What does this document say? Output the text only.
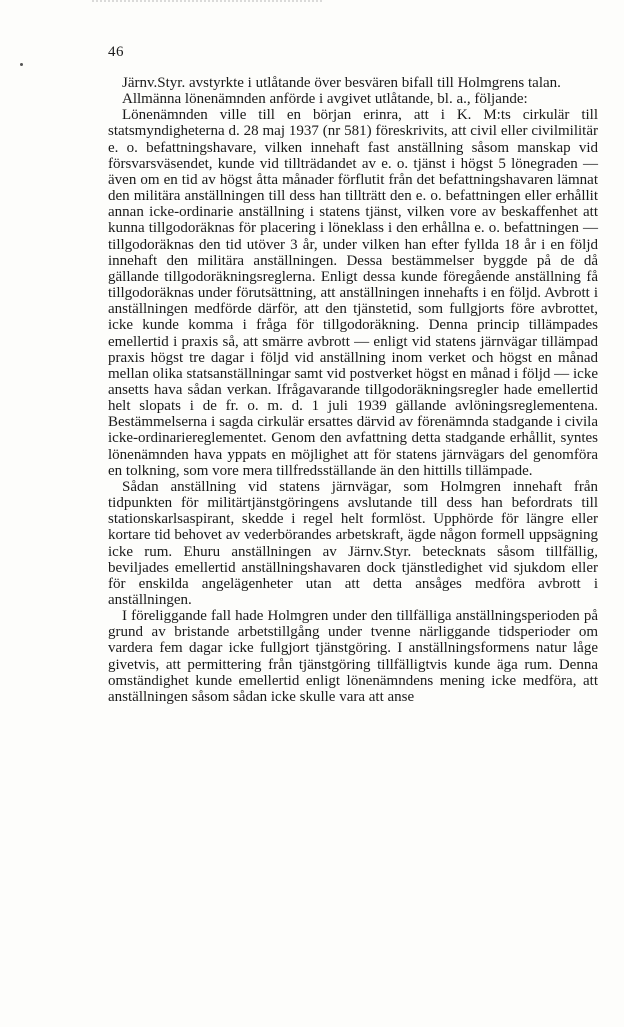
46

Järnv.Styr. avstyrkte i utlåtande över besvären bifall till Holmgrens talan.

Allmänna lönenämnden anförde i avgivet utlåtande, bl. a., följande:

Lönenämnden ville till en början erinra, att i K. M:ts cirkulär till statsmyndigheterna d. 28 maj 1937 (nr 581) föreskrivits, att civil eller civilmilitär e. o. befattningshavare, vilken innehaft fast anställning såsom manskap vid försvarsväsendet, kunde vid tillträdandet av e. o. tjänst i högst 5 lönegraden — även om en tid av högst åtta månader förflutit från det befattningshavaren lämnat den militära anställningen till dess han tillträtt den e. o. befattningen eller erhållit annan icke-ordinarie anställning i statens tjänst, vilken vore av beskaffenhet att kunna tillgodoräknas för placering i löneklass i den erhållna e. o. befattningen — tillgodoräknas den tid utöver 3 år, under vilken han efter fyllda 18 år i en följd innehaft den militära anställningen. Dessa bestämmelser byggde på de då gällande tillgodoräkningsreglerna. Enligt dessa kunde föregående anställning få tillgodoräknas under förutsättning, att anställningen innehafts i en följd. Avbrott i anställningen medförde därför, att den tjänstetid, som fullgjorts före avbrottet, icke kunde komma i fråga för tillgodoräkning. Denna princip tillämpades emellertid i praxis så, att smärre avbrott — enligt vid statens järnvägar tillämpad praxis högst tre dagar i följd vid anställning inom verket och högst en månad mellan olika statsanställningar samt vid postverket högst en månad i följd — icke ansetts hava sådan verkan. Ifrågavarande tillgodoräkningsregler hade emellertid helt slopats i de fr. o. m. d. 1 juli 1939 gällande avlöningsreglementena. Bestämmelserna i sagda cirkulär ersattes därvid av förenämnda stadgande i civila icke-ordinariereglementet. Genom den avfattning detta stadgande erhållit, syntes lönenämnden hava yppats en möjlighet att för statens järnvägars del genomföra en tolkning, som vore mera tillfredsställande än den hittills tillämpade.

Sådan anställning vid statens järnvägar, som Holmgren innehaft från tidpunkten för militärtjänstgöringens avslutande till dess han befordrats till stationskarlsaspirant, skedde i regel helt formlöst. Upphörde för längre eller kortare tid behovet av vederbörandes arbetskraft, ägde någon formell uppsägning icke rum. Ehuru anställningen av Järnv.Styr. betecknats såsom tillfällig, beviljades emellertid anställningshavaren dock tjänstledighet vid sjukdom eller för enskilda angelägenheter utan att detta ansåges medföra avbrott i anställningen.

I föreliggande fall hade Holmgren under den tillfälliga anställningsperioden på grund av bristande arbetstillgång under tvenne närliggande tidsperioder om vardera fem dagar icke fullgjort tjänstgöring. I anställningsformens natur låge givetvis, att permittering från tjänstgöring tillfälligtvis kunde äga rum. Denna omständighet kunde emellertid enligt lönenämndens mening icke medföra, att anställningen såsom sådan icke skulle vara att anse
